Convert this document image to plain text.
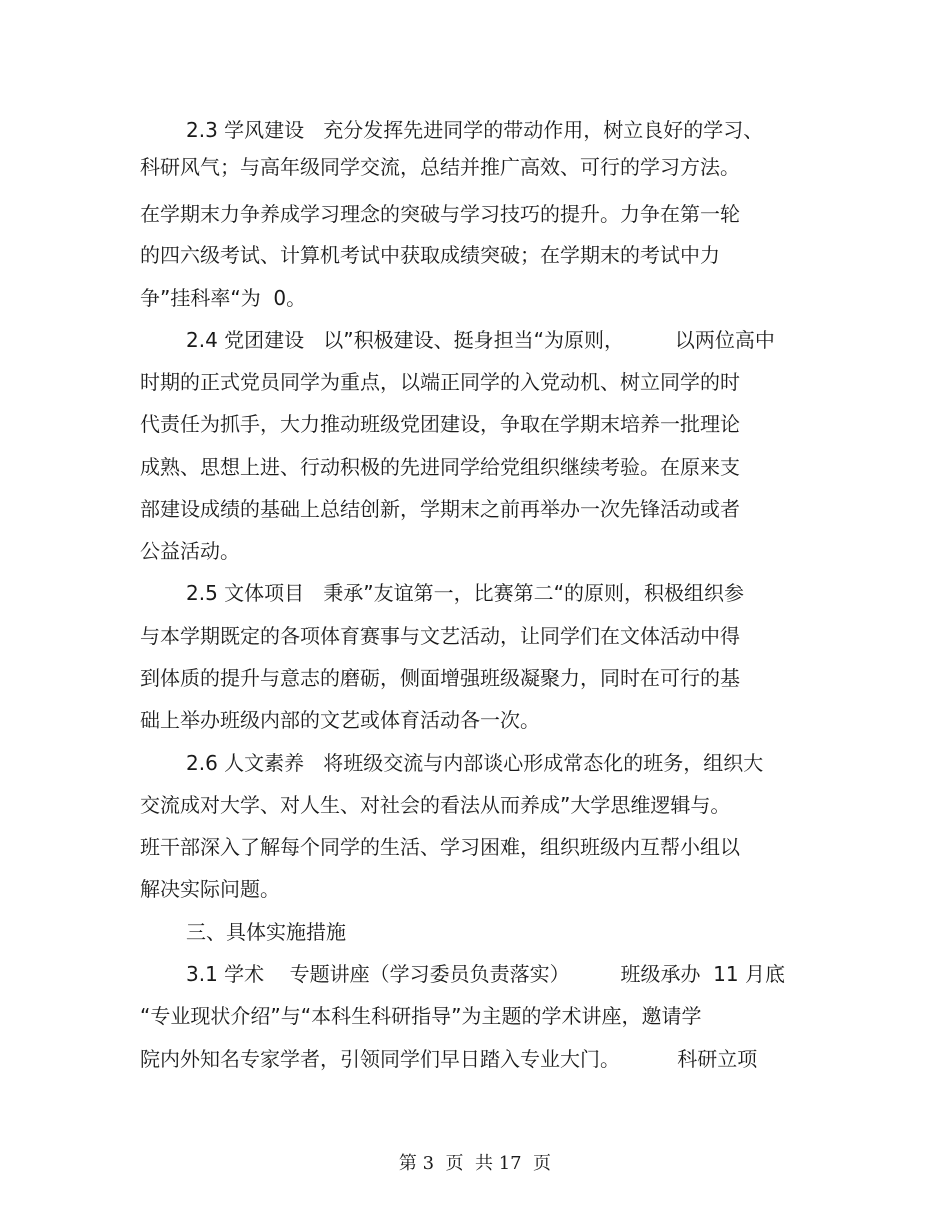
2.3 学风建设   充分发挥先进同学的带动作用，树立良好的学习、
科研风气；与高年级同学交流，总结并推广高效、可行的学习方法。
在学期末力争养成学习理念的突破与学习技巧的提升。力争在第一轮
的四六级考试、计算机考试中获取成绩突破；在学期末的考试中力
争”挂科率“为  0。
2.4 党团建设   以”积极建设、挺身担当“为原则，        以两位高中
时期的正式党员同学为重点，以端正同学的入党动机、树立同学的时
代责任为抓手，大力推动班级党团建设，争取在学期末培养一批理论
成熟、思想上进、行动积极的先进同学给党组织继续考验。在原来支
部建设成绩的基础上总结创新，学期末之前再举办一次先锋活动或者
公益活动。
2.5 文体项目   秉承”友谊第一，比赛第二“的原则，积极组织参
与本学期既定的各项体育赛事与文艺活动，让同学们在文体活动中得
到体质的提升与意志的磨砺，侧面增强班级凝聚力，同时在可行的基
础上举办班级内部的文艺或体育活动各一次。
2.6 人文素养   将班级交流与内部谈心形成常态化的班务，组织大
交流成对大学、对人生、对社会的看法从而养成”大学思维逻辑与。
班干部深入了解每个同学的生活、学习困难，组织班级内互帮小组以
解决实际问题。
三、具体实施措施
3.1 学术    专题讲座（学习委员负责落实）        班级承办  11 月底
“专业现状介绍”与“本科生科研指导”为主题的学术讲座，邀请学
院内外知名专家学者，引领同学们早日踏入专业大门。         科研立项
第 3  页  共 17  页
